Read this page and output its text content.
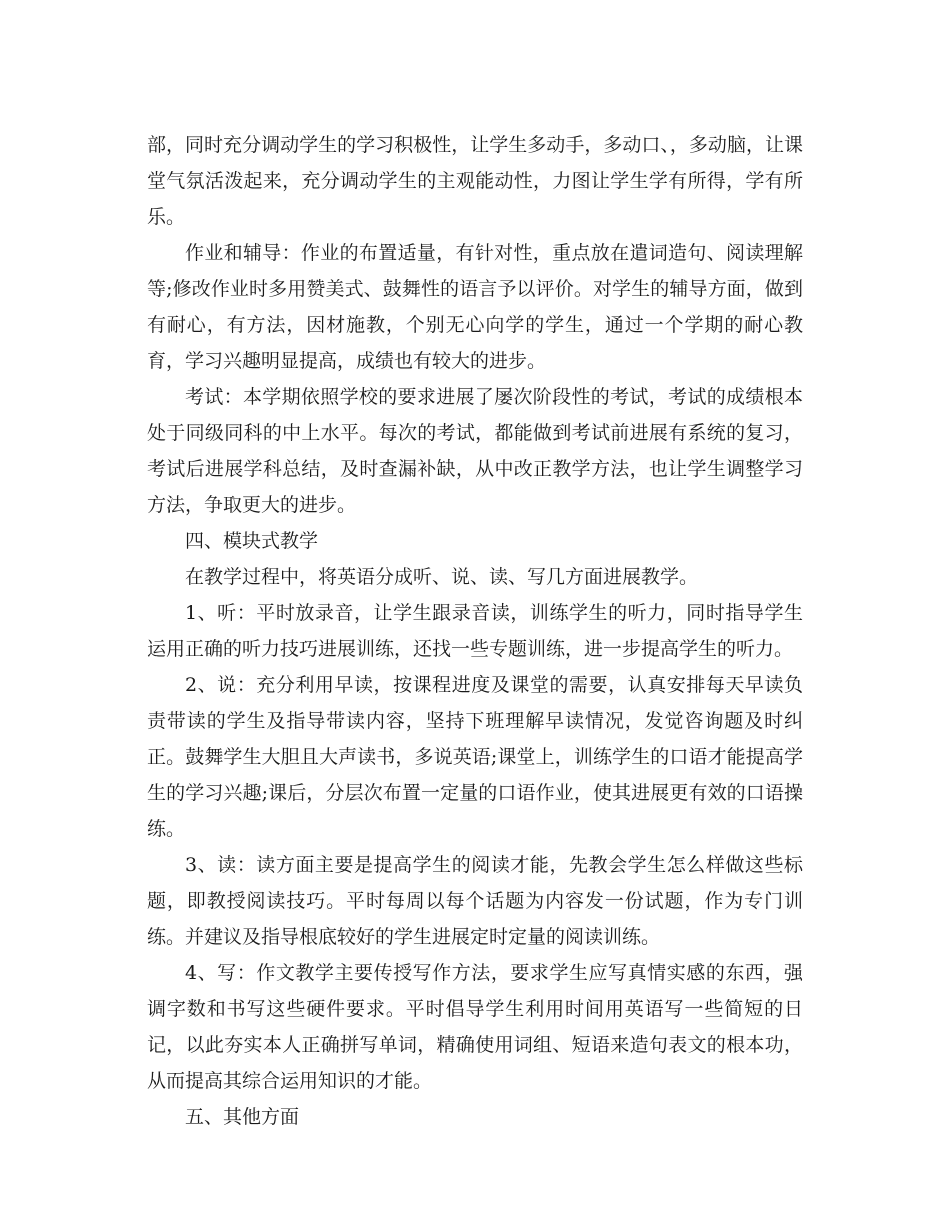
部，同时充分调动学生的学习积极性，让学生多动手，多动口、，多动脑，让课堂气氛活泼起来，充分调动学生的主观能动性，力图让学生学有所得，学有所乐。

作业和辅导：作业的布置适量，有针对性，重点放在遣词造句、阅读理解等;修改作业时多用赞美式、鼓舞性的语言予以评价。对学生的辅导方面，做到有耐心，有方法，因材施教，个别无心向学的学生，通过一个学期的耐心教育，学习兴趣明显提高，成绩也有较大的进步。

考试：本学期依照学校的要求进展了屡次阶段性的考试，考试的成绩根本处于同级同科的中上水平。每次的考试，都能做到考试前进展有系统的复习，考试后进展学科总结，及时查漏补缺，从中改正教学方法，也让学生调整学习方法，争取更大的进步。

四、模块式教学

在教学过程中，将英语分成听、说、读、写几方面进展教学。

1、听：平时放录音，让学生跟录音读，训练学生的听力，同时指导学生运用正确的听力技巧进展训练，还找一些专题训练，进一步提高学生的听力。

2、说：充分利用早读，按课程进度及课堂的需要，认真安排每天早读负责带读的学生及指导带读内容，坚持下班理解早读情况，发觉咨询题及时纠正。鼓舞学生大胆且大声读书，多说英语;课堂上，训练学生的口语才能提高学生的学习兴趣;课后，分层次布置一定量的口语作业，使其进展更有效的口语操练。

3、读：读方面主要是提高学生的阅读才能，先教会学生怎么样做这些标题，即教授阅读技巧。平时每周以每个话题为内容发一份试题，作为专门训练。并建议及指导根底较好的学生进展定时定量的阅读训练。

4、写：作文教学主要传授写作方法，要求学生应写真情实感的东西，强调字数和书写这些硬件要求。平时倡导学生利用时间用英语写一些简短的日记，以此夯实本人正确拼写单词，精确使用词组、短语来造句表文的根本功，从而提高其综合运用知识的才能。

五、其他方面
